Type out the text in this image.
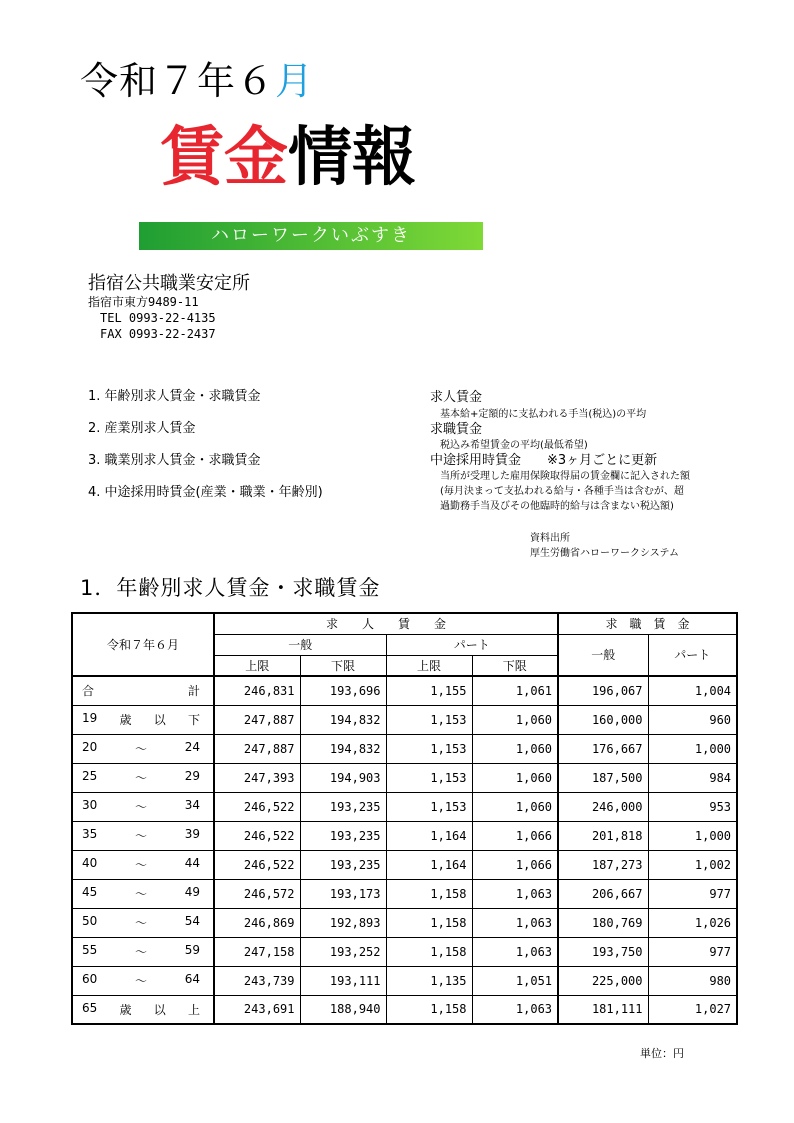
令和７年６月
賃金情報
ハローワークいぶすき
指宿公共職業安定所
指宿市東方9489-11
TEL 0993-22-4135
FAX 0993-22-2437
1. 年齢別求人賃金・求職賃金
2. 産業別求人賃金
3. 職業別求人賃金・求職賃金
4. 中途採用時賃金(産業・職業・年齢別)
求人賃金
基本給+定額的に支払われる手当(税込)の平均
求職賃金
税込み希望賃金の平均(最低希望)
中途採用時賃金　　※3ヶ月ごとに更新
当所が受理した雇用保険取得届の賃金欄に記入された額
(毎月決まって支払われる給与・各種手当は含むが、超
過勤務手当及びその他臨時的給与は含まない税込額)
資料出所
厚生労働省ハローワークシステム
1．年齢別求人賃金・求職賃金
令和７年６月	求　　人　　賃　　金				求　職　賃　金	
	一般		パート		一般	パート
	上限	下限	上限	下限		

合 計	246,831	193,696	1,155	1,061	196,067	1,004

19 歳 以 下	247,887	194,832	1,153	1,060	160,000	960

20 ～ 24	247,887	194,832	1,153	1,060	176,667	1,000

25 ～ 29	247,393	194,903	1,153	1,060	187,500	984

30 ～ 34	246,522	193,235	1,153	1,060	246,000	953

35 ～ 39	246,522	193,235	1,164	1,066	201,818	1,000

40 ～ 44	246,522	193,235	1,164	1,066	187,273	1,002

45 ～ 49	246,572	193,173	1,158	1,063	206,667	977

50 ～ 54	246,869	192,893	1,158	1,063	180,769	1,026

55 ～ 59	247,158	193,252	1,158	1,063	193,750	977

60 ～ 64	243,739	193,111	1,135	1,051	225,000	980

65 歳 以 上	243,691	188,940	1,158	1,063	181,111	1,027
単位：円
